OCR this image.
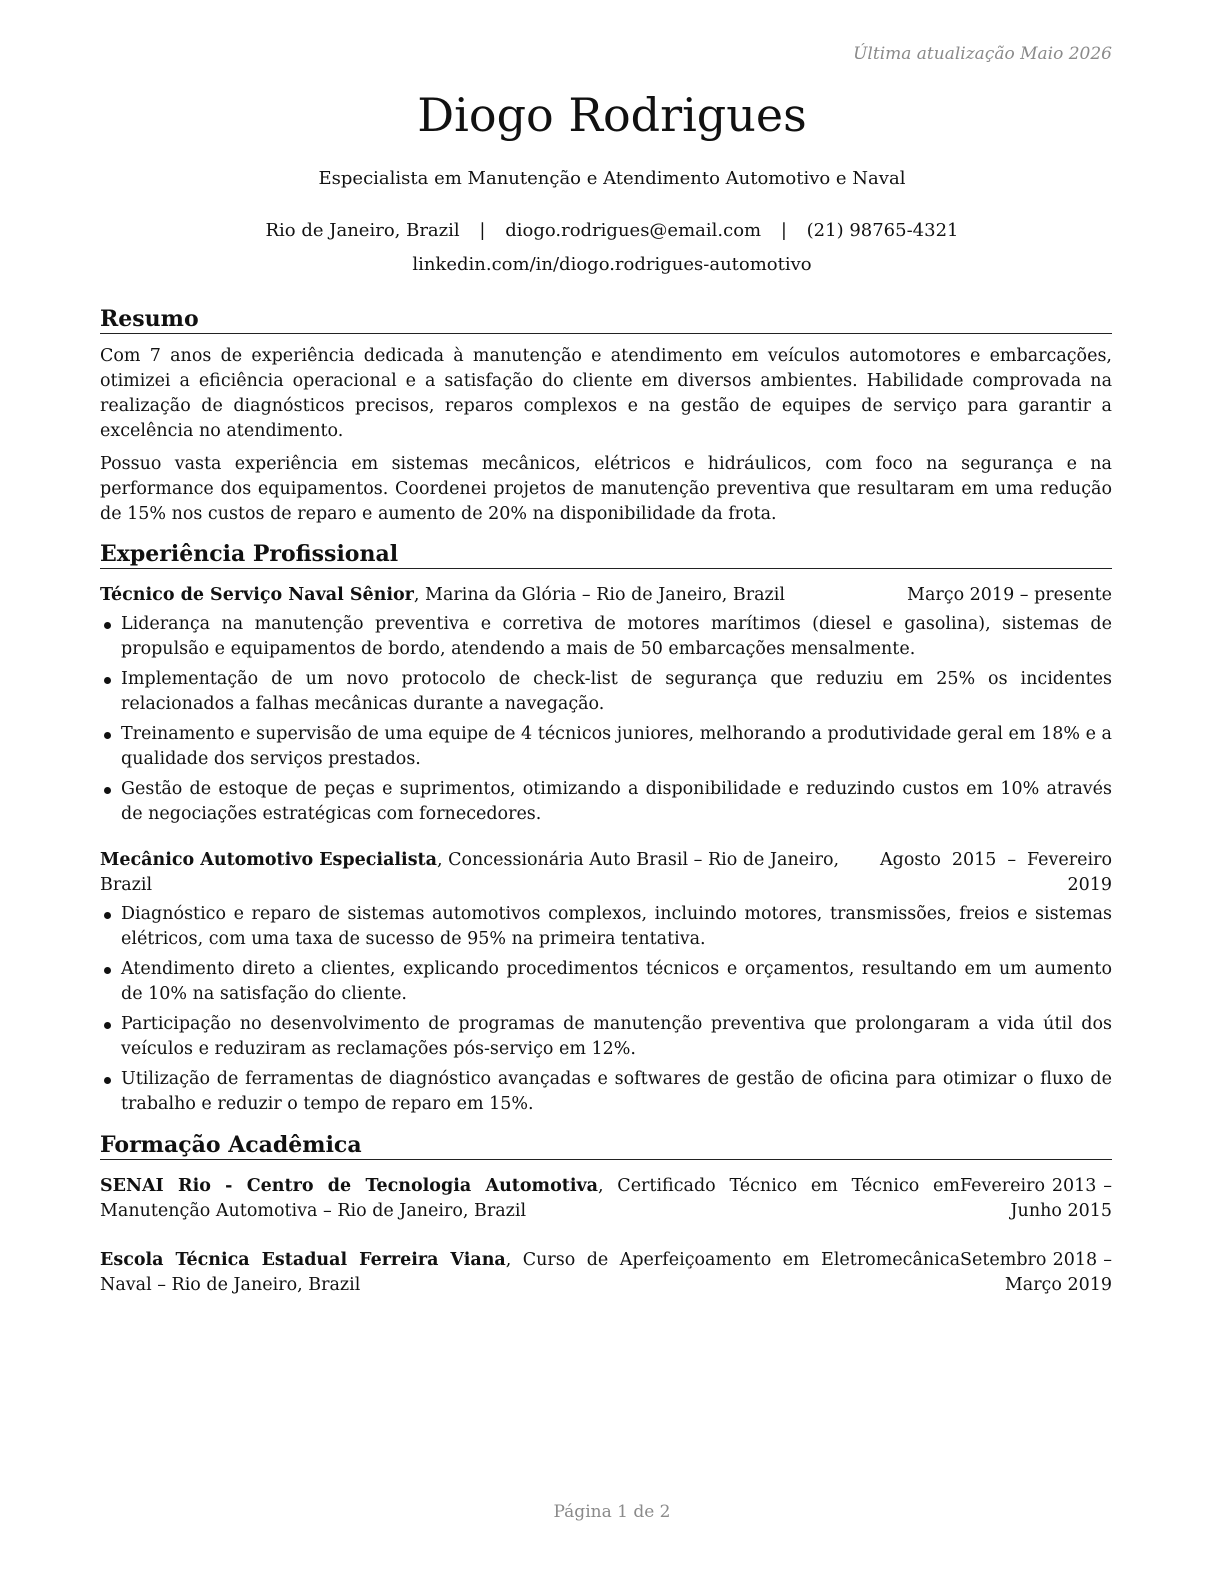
Última atualização Maio 2026
Diogo Rodrigues
Especialista em Manutenção e Atendimento Automotivo e Naval
Rio de Janeiro, Brazil | diogo.rodrigues@email.com | (21) 98765-4321
linkedin.com/in/diogo.rodrigues-automotivo
Resumo

Com 7 anos de experiência dedicada à manutenção e atendimento em veículos automotores e embarcações, otimizei a eficiência operacional e a satisfação do cliente em diversos ambientes. Habilidade comprovada na realização de diagnósticos precisos, reparos complexos e na gestão de equipes de serviço para garantir a excelência no atendimento.

Possuo vasta experiência em sistemas mecânicos, elétricos e hidráulicos, com foco na segurança e na performance dos equipamentos. Coordenei projetos de manutenção preventiva que resultaram em uma redução de 15% nos custos de reparo e aumento de 20% na disponibilidade da frota.

Experiência Profissional
Técnico de Serviço Naval Sênior, Marina da Glória – Rio de Janeiro, Brazil	Março 2019 – presente
Liderança na manutenção preventiva e corretiva de motores marítimos (diesel e gasolina), sistemas de propulsão e equipamentos de bordo, atendendo a mais de 50 embarcações mensalmente.
Implementação de um novo protocolo de check-list de segurança que reduziu em 25% os incidentes relacionados a falhas mecânicas durante a navegação.
Treinamento e supervisão de uma equipe de 4 técnicos juniores, melhorando a produtividade geral em 18% e a qualidade dos serviços prestados.
Gestão de estoque de peças e suprimentos, otimizando a disponibilidade e reduzindo custos em 10% através de negociações estratégicas com fornecedores.
Mecânico Automotivo Especialista, Concessionária Auto Brasil – Rio de Janeiro, Brazil
Agosto 2015 – Fevereiro 2019
Diagnóstico e reparo de sistemas automotivos complexos, incluindo motores, transmissões, freios e sistemas elétricos, com uma taxa de sucesso de 95% na primeira tentativa.
Atendimento direto a clientes, explicando procedimentos técnicos e orçamentos, resultando em um aumento de 10% na satisfação do cliente.
Participação no desenvolvimento de programas de manutenção preventiva que prolongaram a vida útil dos veículos e reduziram as reclamações pós-serviço em 12%.
Utilização de ferramentas de diagnóstico avançadas e softwares de gestão de oficina para otimizar o fluxo de trabalho e reduzir o tempo de reparo em 15%.
Formação Acadêmica
SENAI Rio - Centro de Tecnologia Automotiva, Certificado Técnico em Técnico em Manutenção Automotiva – Rio de Janeiro, Brazil
Fevereiro 2013 – Junho 2015
Escola Técnica Estadual Ferreira Viana, Curso de Aperfeiçoamento em Eletromecânica Naval – Rio de Janeiro, Brazil
Setembro 2018 – Março 2019
Página 1 de 2
